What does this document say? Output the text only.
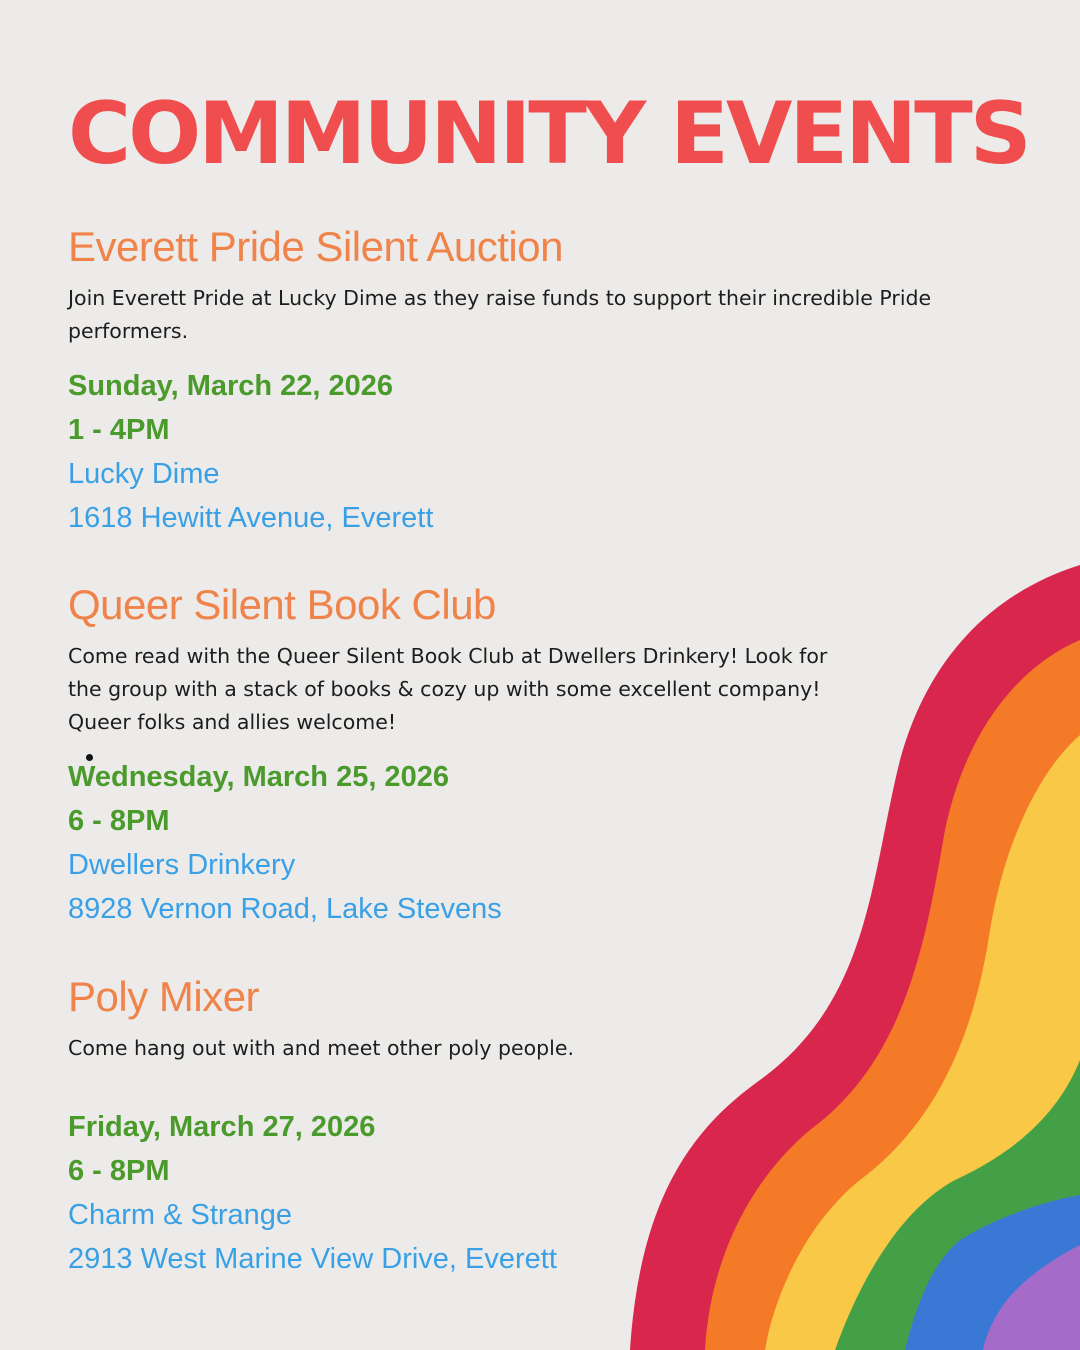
COMMUNITY EVENTS
Everett Pride Silent Auction

Join Everett Pride at Lucky Dime as they raise funds to support their incredible Pride performers.

Sunday, March 22, 2026
1 - 4PM
Lucky Dime
1618 Hewitt Avenue, Everett
Queer Silent Book Club

Come read with the Queer Silent Book Club at Dwellers Drinkery! Look for the group with a stack of books & cozy up with some excellent company! Queer folks and allies welcome!

Wednesday, March 25, 2026
6 - 8PM
Dwellers Drinkery
8928 Vernon Road, Lake Stevens
Poly Mixer

Come hang out with and meet other poly people.

Friday, March 27, 2026
6 - 8PM
Charm & Strange
2913 West Marine View Drive, Everett
